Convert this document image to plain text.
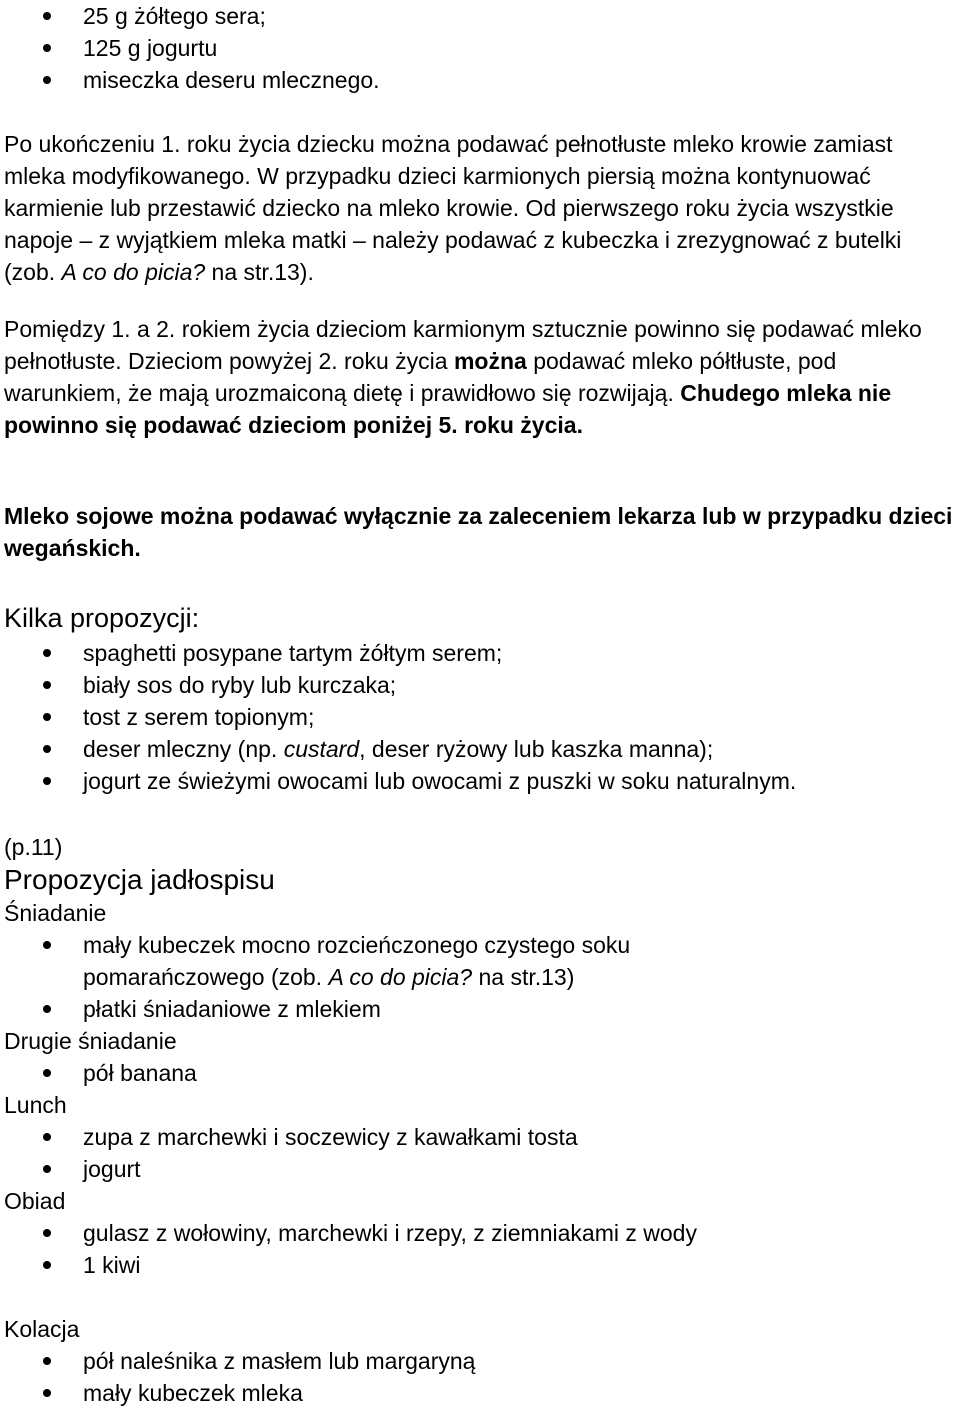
25 g żółtego sera;
125 g jogurtu
miseczka deseru mlecznego.

Po ukończeniu 1. roku życia dziecku można podawać pełnotłuste mleko krowie zamiast mleka modyfikowanego. W przypadku dzieci karmionych piersią można kontynuować karmienie lub przestawić dziecko na mleko krowie. Od pierwszego roku życia wszystkie napoje – z wyjątkiem mleka matki – należy podawać z kubeczka i zrezygnować z butelki (zob. A co do picia? na str.13).

Pomiędzy 1. a 2. rokiem życia dzieciom karmionym sztucznie powinno się podawać mleko pełnotłuste. Dzieciom powyżej 2. roku życia można podawać mleko półtłuste, pod warunkiem, że mają urozmaiconą dietę i prawidłowo się rozwijają. Chudego mleka nie powinno się podawać dzieciom poniżej 5. roku życia.

Mleko sojowe można podawać wyłącznie za zaleceniem lekarza lub w przypadku dzieci wegańskich.

Kilka propozycji:
spaghetti posypane tartym żółtym serem;
biały sos do ryby lub kurczaka;
tost z serem topionym;
deser mleczny (np. custard, deser ryżowy lub kaszka manna);
jogurt ze świeżymi owocami lub owocami z puszki w soku naturalnym.
(p.11)
Propozycja jadłospisu
Śniadanie
mały kubeczek mocno rozcieńczonego czystego soku pomarańczowego (zob. A co do picia? na str.13)
płatki śniadaniowe z mlekiem
Drugie śniadanie
pół banana
Lunch
zupa z marchewki i soczewicy z kawałkami tosta
jogurt
Obiad
gulasz z wołowiny, marchewki i rzepy, z ziemniakami z wody
1 kiwi
Kolacja
pół naleśnika z masłem lub margaryną
mały kubeczek mleka
